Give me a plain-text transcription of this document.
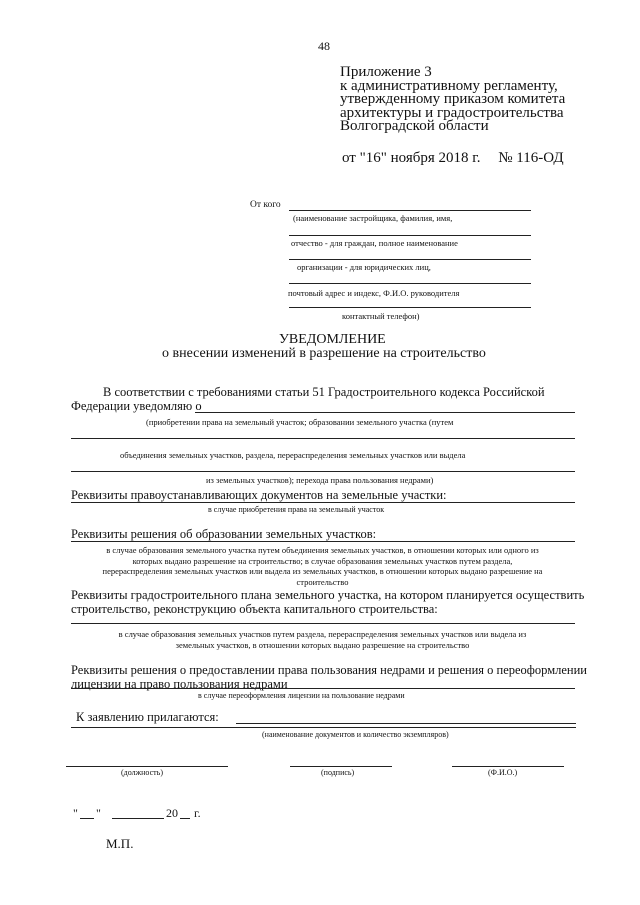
48
Приложение 3
к административному регламенту,
утвержденному приказом комитета
архитектуры и градостроительства
Волгоградской области
от "16" ноября 2018 г. № 116-ОД
От кого
(наименование застройщика, фамилия, имя,
отчество - для граждан, полное наименование
организации - для юридических лиц,
почтовый адрес и индекс, Ф.И.О. руководителя
контактный телефон)
УВЕДОМЛЕНИЕ
о внесении изменений в разрешение на строительство
В соответствии с требованиями статьи 51 Градостроительного кодекса Российской
Федерации уведомляю о
(приобретении права на земельный участок; образовании земельного участка (путем
объединения земельных участков, раздела, перераспределения земельных участков или выдела
из земельных участков); перехода права пользования недрами)
Реквизиты правоустанавливающих документов на земельные участки:
в случае приобретения права на земельный участок
Реквизиты решения об образовании земельных участков:
в случае образования земельного участка путем объединения земельных участков, в отношении которых или одного из
которых выдано разрешение на строительство; в случае образования земельных участков путем раздела,
перераспределения земельных участков или выдела из земельных участков, в отношении которых выдано разрешение на
строительство
Реквизиты градостроительного плана земельного участка, на котором планируется осуществить
строительство, реконструкцию объекта капитального строительства:
в случае образования земельных участков путем раздела, перераспределения земельных участков или выдела из
земельных участков, в отношении которых выдано разрешение на строительство
Реквизиты решения о предоставлении права пользования недрами и решения о переоформлении
лицензии на право пользования недрами
в случае переоформления лицензии на пользование недрами
К заявлению прилагаются:
(наименование документов и количество экземпляров)
(должность)	(подпись)	(Ф.И.О.)
" "	20 г.
М.П.
